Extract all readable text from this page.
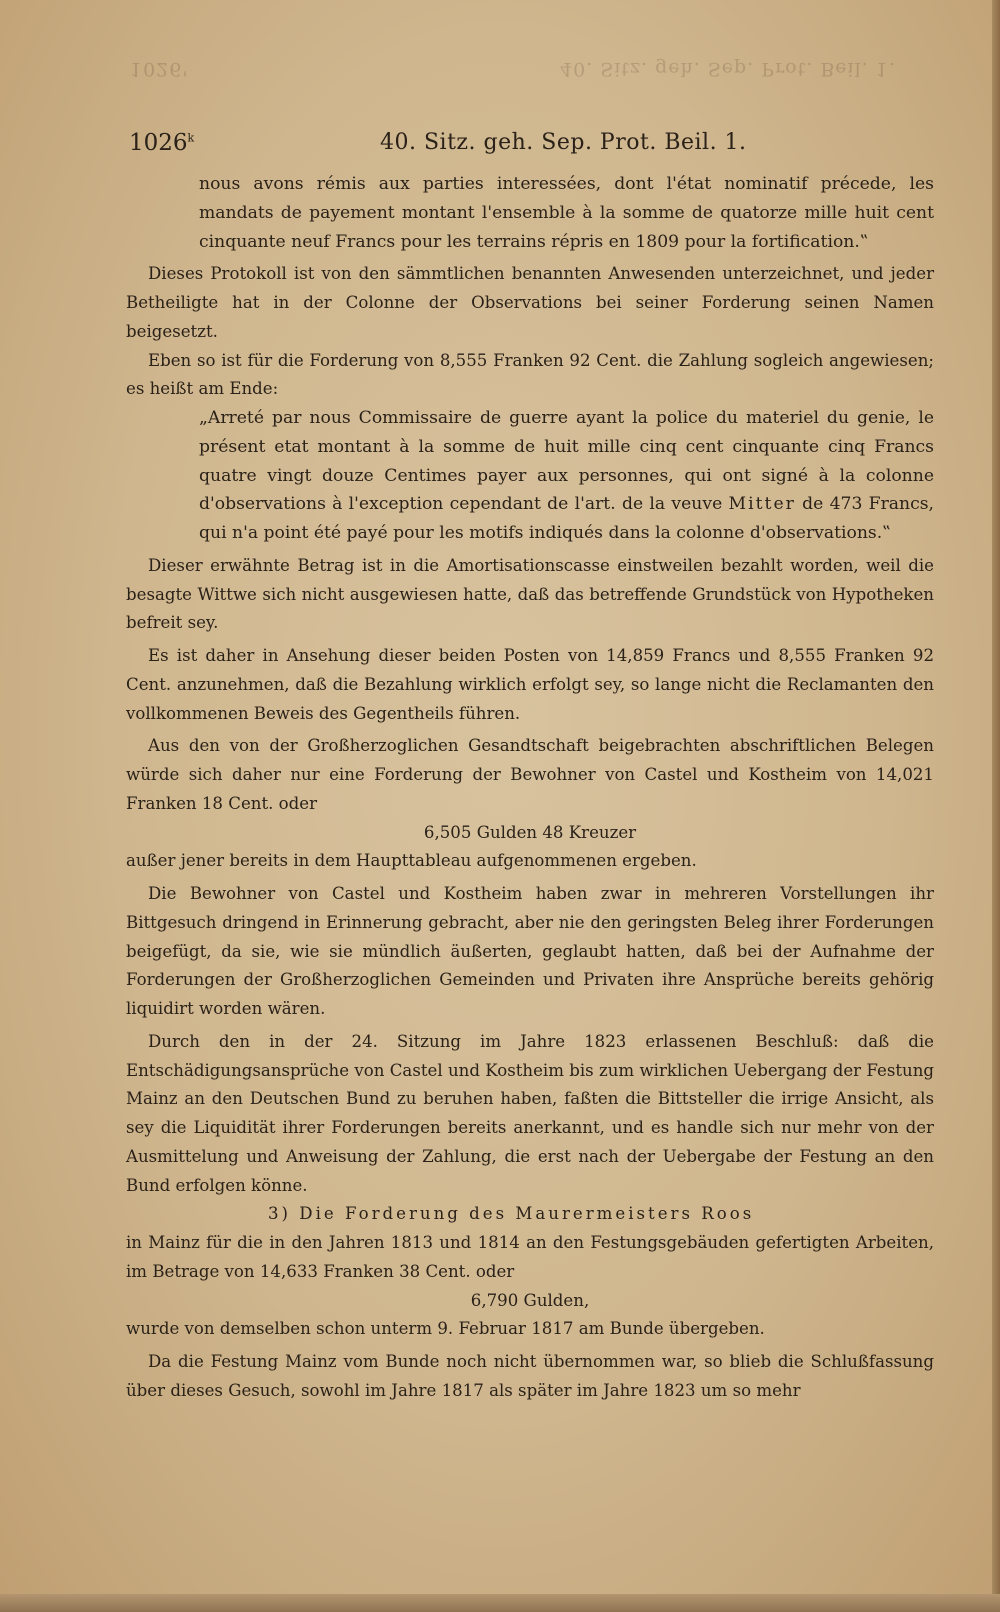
1026'	40. Sitz. geh. Sep. Prot. Beil. 1.
1026$^k$	40. Sitz. geh. Sep. Prot. Beil. 1.

nous avons rémis aux parties interessées, dont l'état nominatif précede, les mandats de payement montant l'ensemble à la somme de quatorze mille huit cent cinquante neuf Francs pour les terrains répris en 1809 pour la fortification.‟

Dieses Protokoll ist von den sämmtlichen benannten Anwesenden unterzeichnet, und jeder Betheiligte hat in der Colonne der Observations bei seiner Forderung seinen Namen beigesetzt.

Eben so ist für die Forderung von 8,555 Franken 92 Cent. die Zahlung sogleich angewiesen; es heißt am Ende:

„Arreté par nous Commissaire de guerre ayant la police du materiel du genie, le présent etat montant à la somme de huit mille cinq cent cinquante cinq Francs quatre vingt douze Centimes payer aux personnes, qui ont signé à la colonne d'observations à l'exception cependant de l'art. de la veuve Mitter de 473 Francs, qui n'a point été payé pour les motifs indiqués dans la colonne d'observations.‟

Dieser erwähnte Betrag ist in die Amortisationscasse einstweilen bezahlt worden, weil die besagte Wittwe sich nicht ausgewiesen hatte, daß das betreffende Grundstück von Hypotheken befreit sey.

Es ist daher in Ansehung dieser beiden Posten von 14,859 Francs und 8,555 Franken 92 Cent. anzunehmen, daß die Bezahlung wirklich erfolgt sey, so lange nicht die Reclamanten den vollkommenen Beweis des Gegentheils führen.

Aus den von der Großherzoglichen Gesandtschaft beigebrachten abschriftlichen Belegen würde sich daher nur eine Forderung der Bewohner von Castel und Kostheim von 14,021 Franken 18 Cent. oder

6,505 Gulden 48 Kreuzer

außer jener bereits in dem Haupttableau aufgenommenen ergeben.

Die Bewohner von Castel und Kostheim haben zwar in mehreren Vorstellungen ihr Bittgesuch dringend in Erinnerung gebracht, aber nie den geringsten Beleg ihrer Forderungen beigefügt, da sie, wie sie mündlich äußerten, geglaubt hatten, daß bei der Aufnahme der Forderungen der Großherzoglichen Gemeinden und Privaten ihre Ansprüche bereits gehörig liquidirt worden wären.

Durch den in der 24. Sitzung im Jahre 1823 erlassenen Beschluß: daß die Entschädigungsansprüche von Castel und Kostheim bis zum wirklichen Uebergang der Festung Mainz an den Deutschen Bund zu beruhen haben, faßten die Bittsteller die irrige Ansicht, als sey die Liquidität ihrer Forderungen bereits anerkannt, und es handle sich nur mehr von der Ausmittelung und Anweisung der Zahlung, die erst nach der Uebergabe der Festung an den Bund erfolgen könne.

3) Die Forderung des Maurermeisters Roos

in Mainz für die in den Jahren 1813 und 1814 an den Festungsgebäuden gefertigten Arbeiten, im Betrage von 14,633 Franken 38 Cent. oder

6,790 Gulden,

wurde von demselben schon unterm 9. Februar 1817 am Bunde übergeben.

Da die Festung Mainz vom Bunde noch nicht übernommen war, so blieb die Schlußfassung über dieses Gesuch, sowohl im Jahre 1817 als später im Jahre 1823 um so mehr
